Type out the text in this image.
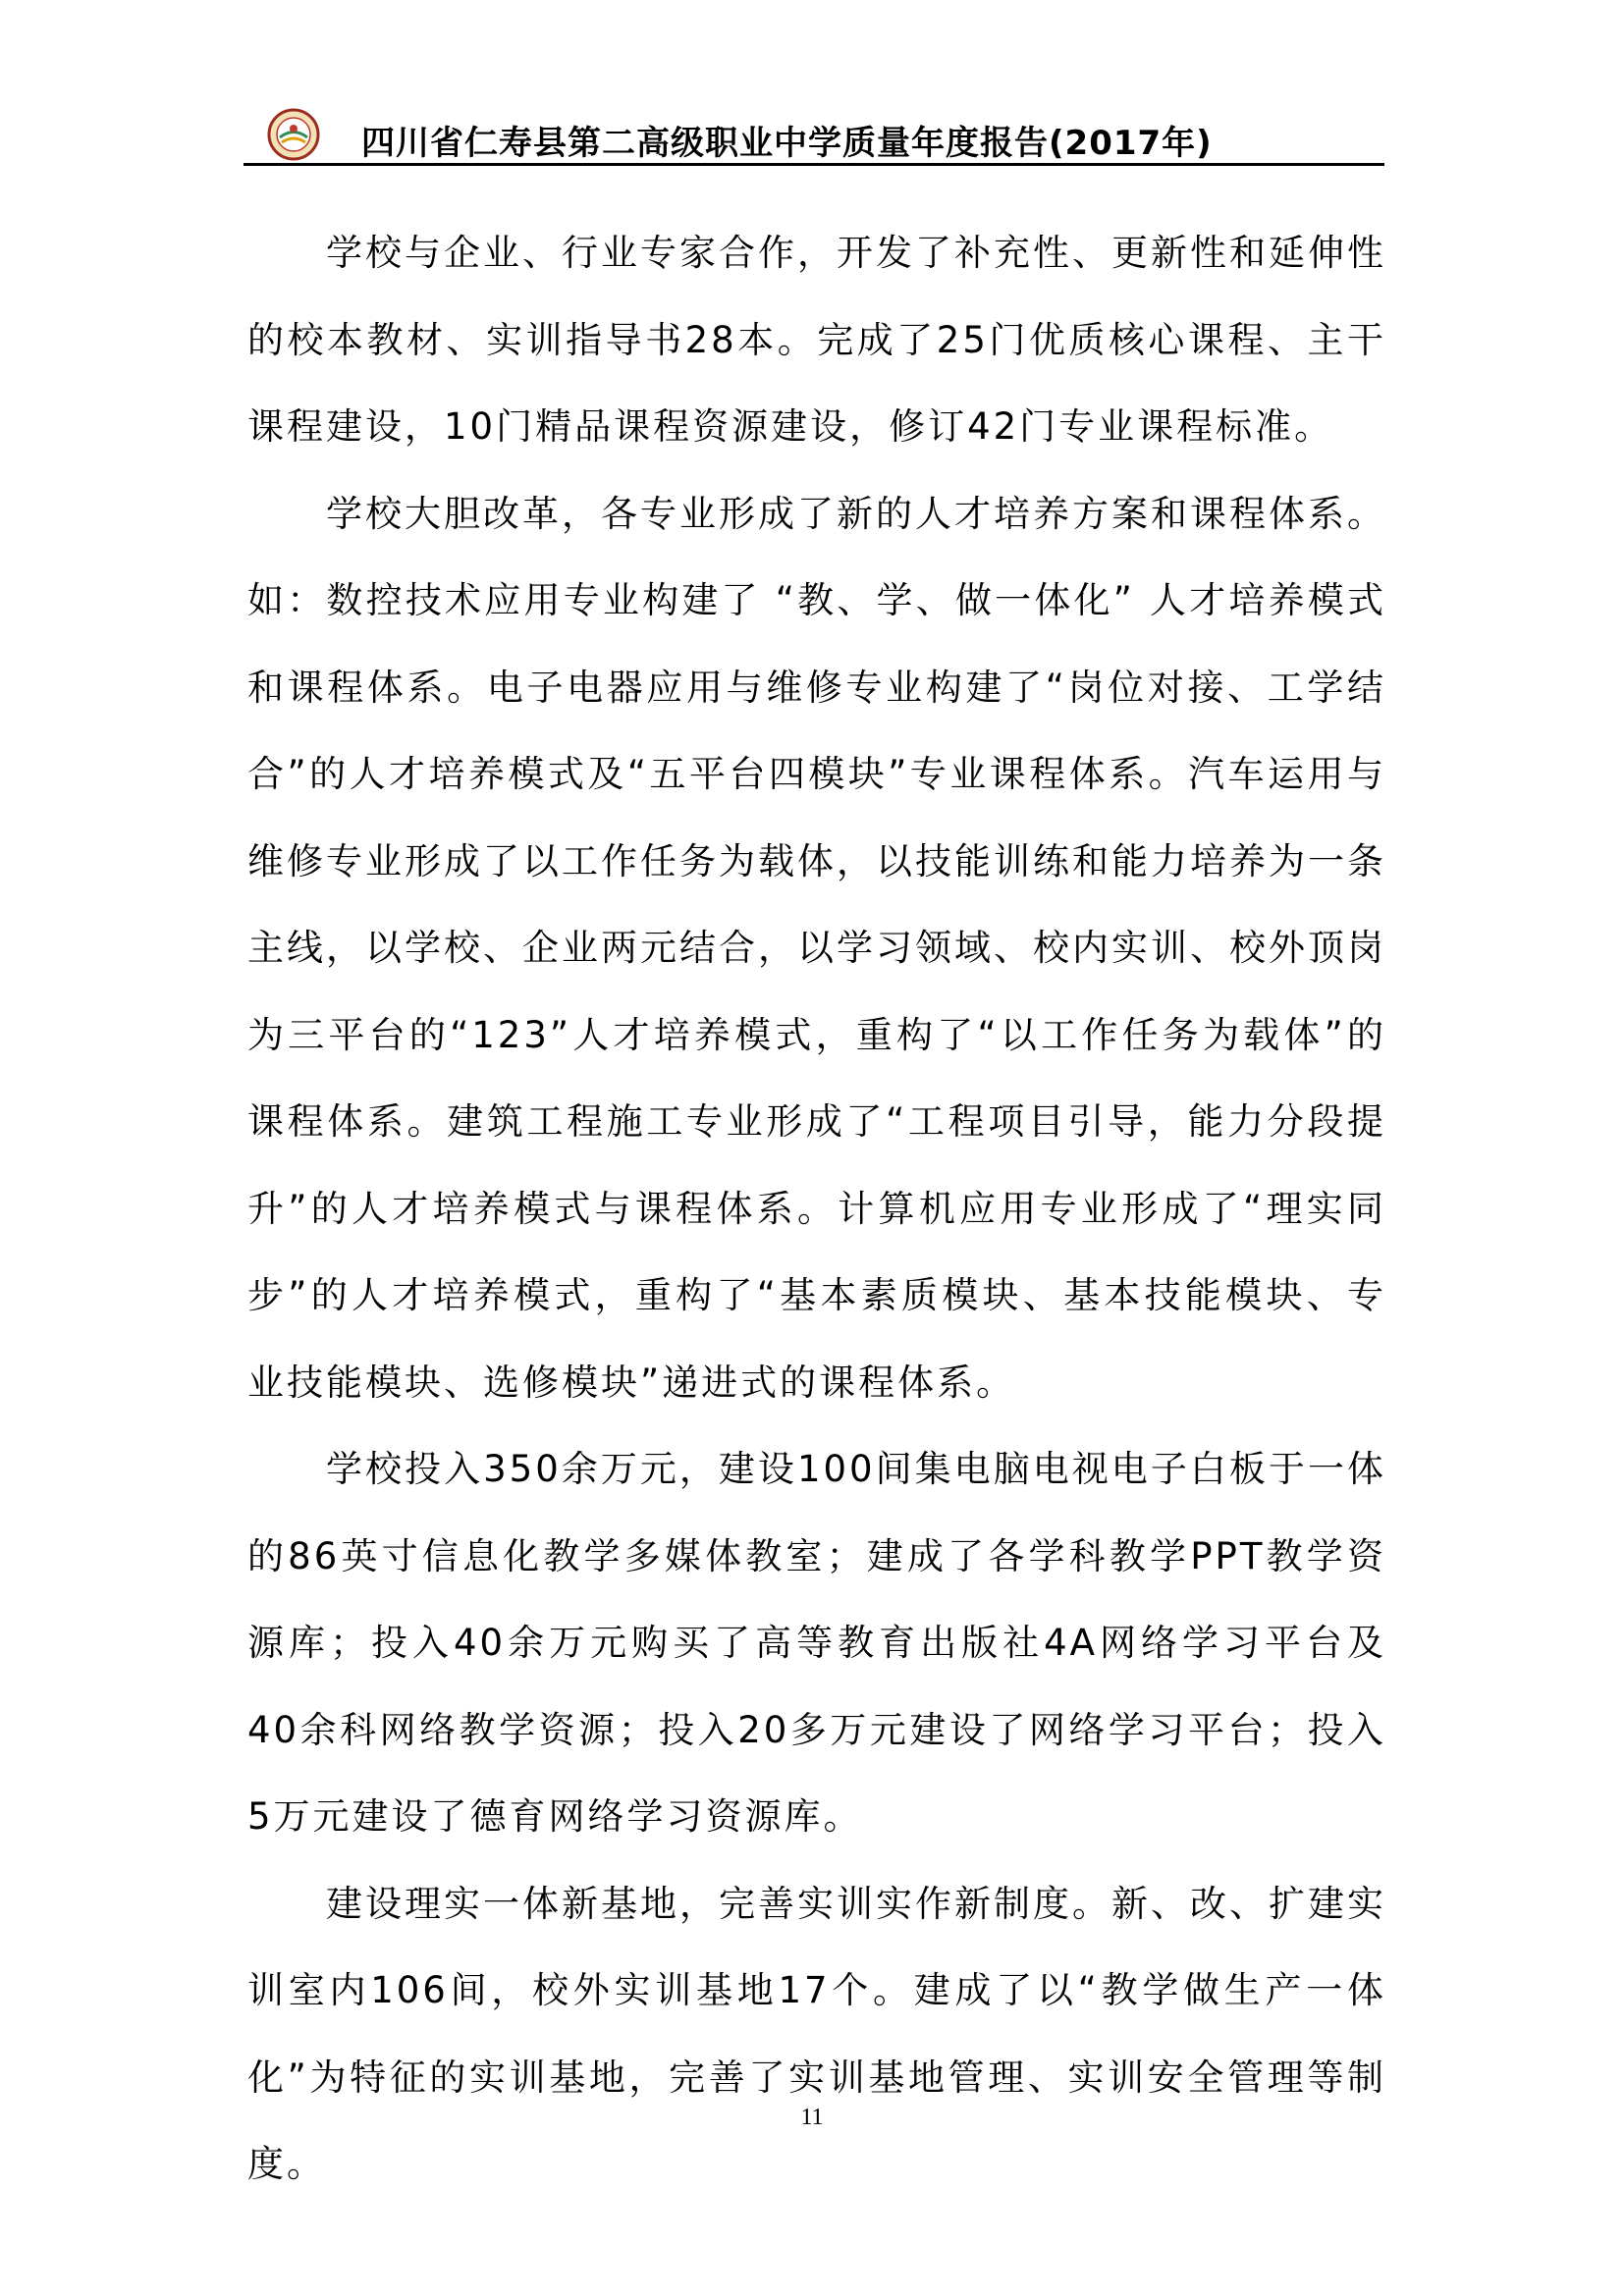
四川省仁寿县第二高级职业中学质量年度报告(2017年)

学校与企业、行业专家合作，开发了补充性、更新性和延伸性的校本教材、实训指导书28本。完成了25门优质核心课程、主干课程建设，10门精品课程资源建设，修订42门专业课程标准。

学校大胆改革，各专业形成了新的人才培养方案和课程体系。如：数控技术应用专业构建了 “教、学、做一体化” 人才培养模式和课程体系。电子电器应用与维修专业构建了“岗位对接、工学结合”的人才培养模式及“五平台四模块”专业课程体系。汽车运用与维修专业形成了以工作任务为载体，以技能训练和能力培养为一条主线，以学校、企业两元结合，以学习领域、校内实训、校外顶岗为三平台的“123”人才培养模式，重构了“以工作任务为载体”的课程体系。建筑工程施工专业形成了“工程项目引导，能力分段提升”的人才培养模式与课程体系。计算机应用专业形成了“理实同步”的人才培养模式，重构了“基本素质模块、基本技能模块、专业技能模块、选修模块”递进式的课程体系。

学校投入350余万元，建设100间集电脑电视电子白板于一体的86英寸信息化教学多媒体教室；建成了各学科教学PPT教学资源库；投入40余万元购买了高等教育出版社4A网络学习平台及40余科网络教学资源；投入20多万元建设了网络学习平台；投入5万元建设了德育网络学习资源库。

建设理实一体新基地，完善实训实作新制度。新、改、扩建实训室内106间，校外实训基地17个。建成了以“教学做生产一体化”为特征的实训基地，完善了实训基地管理、实训安全管理等制度。

11
